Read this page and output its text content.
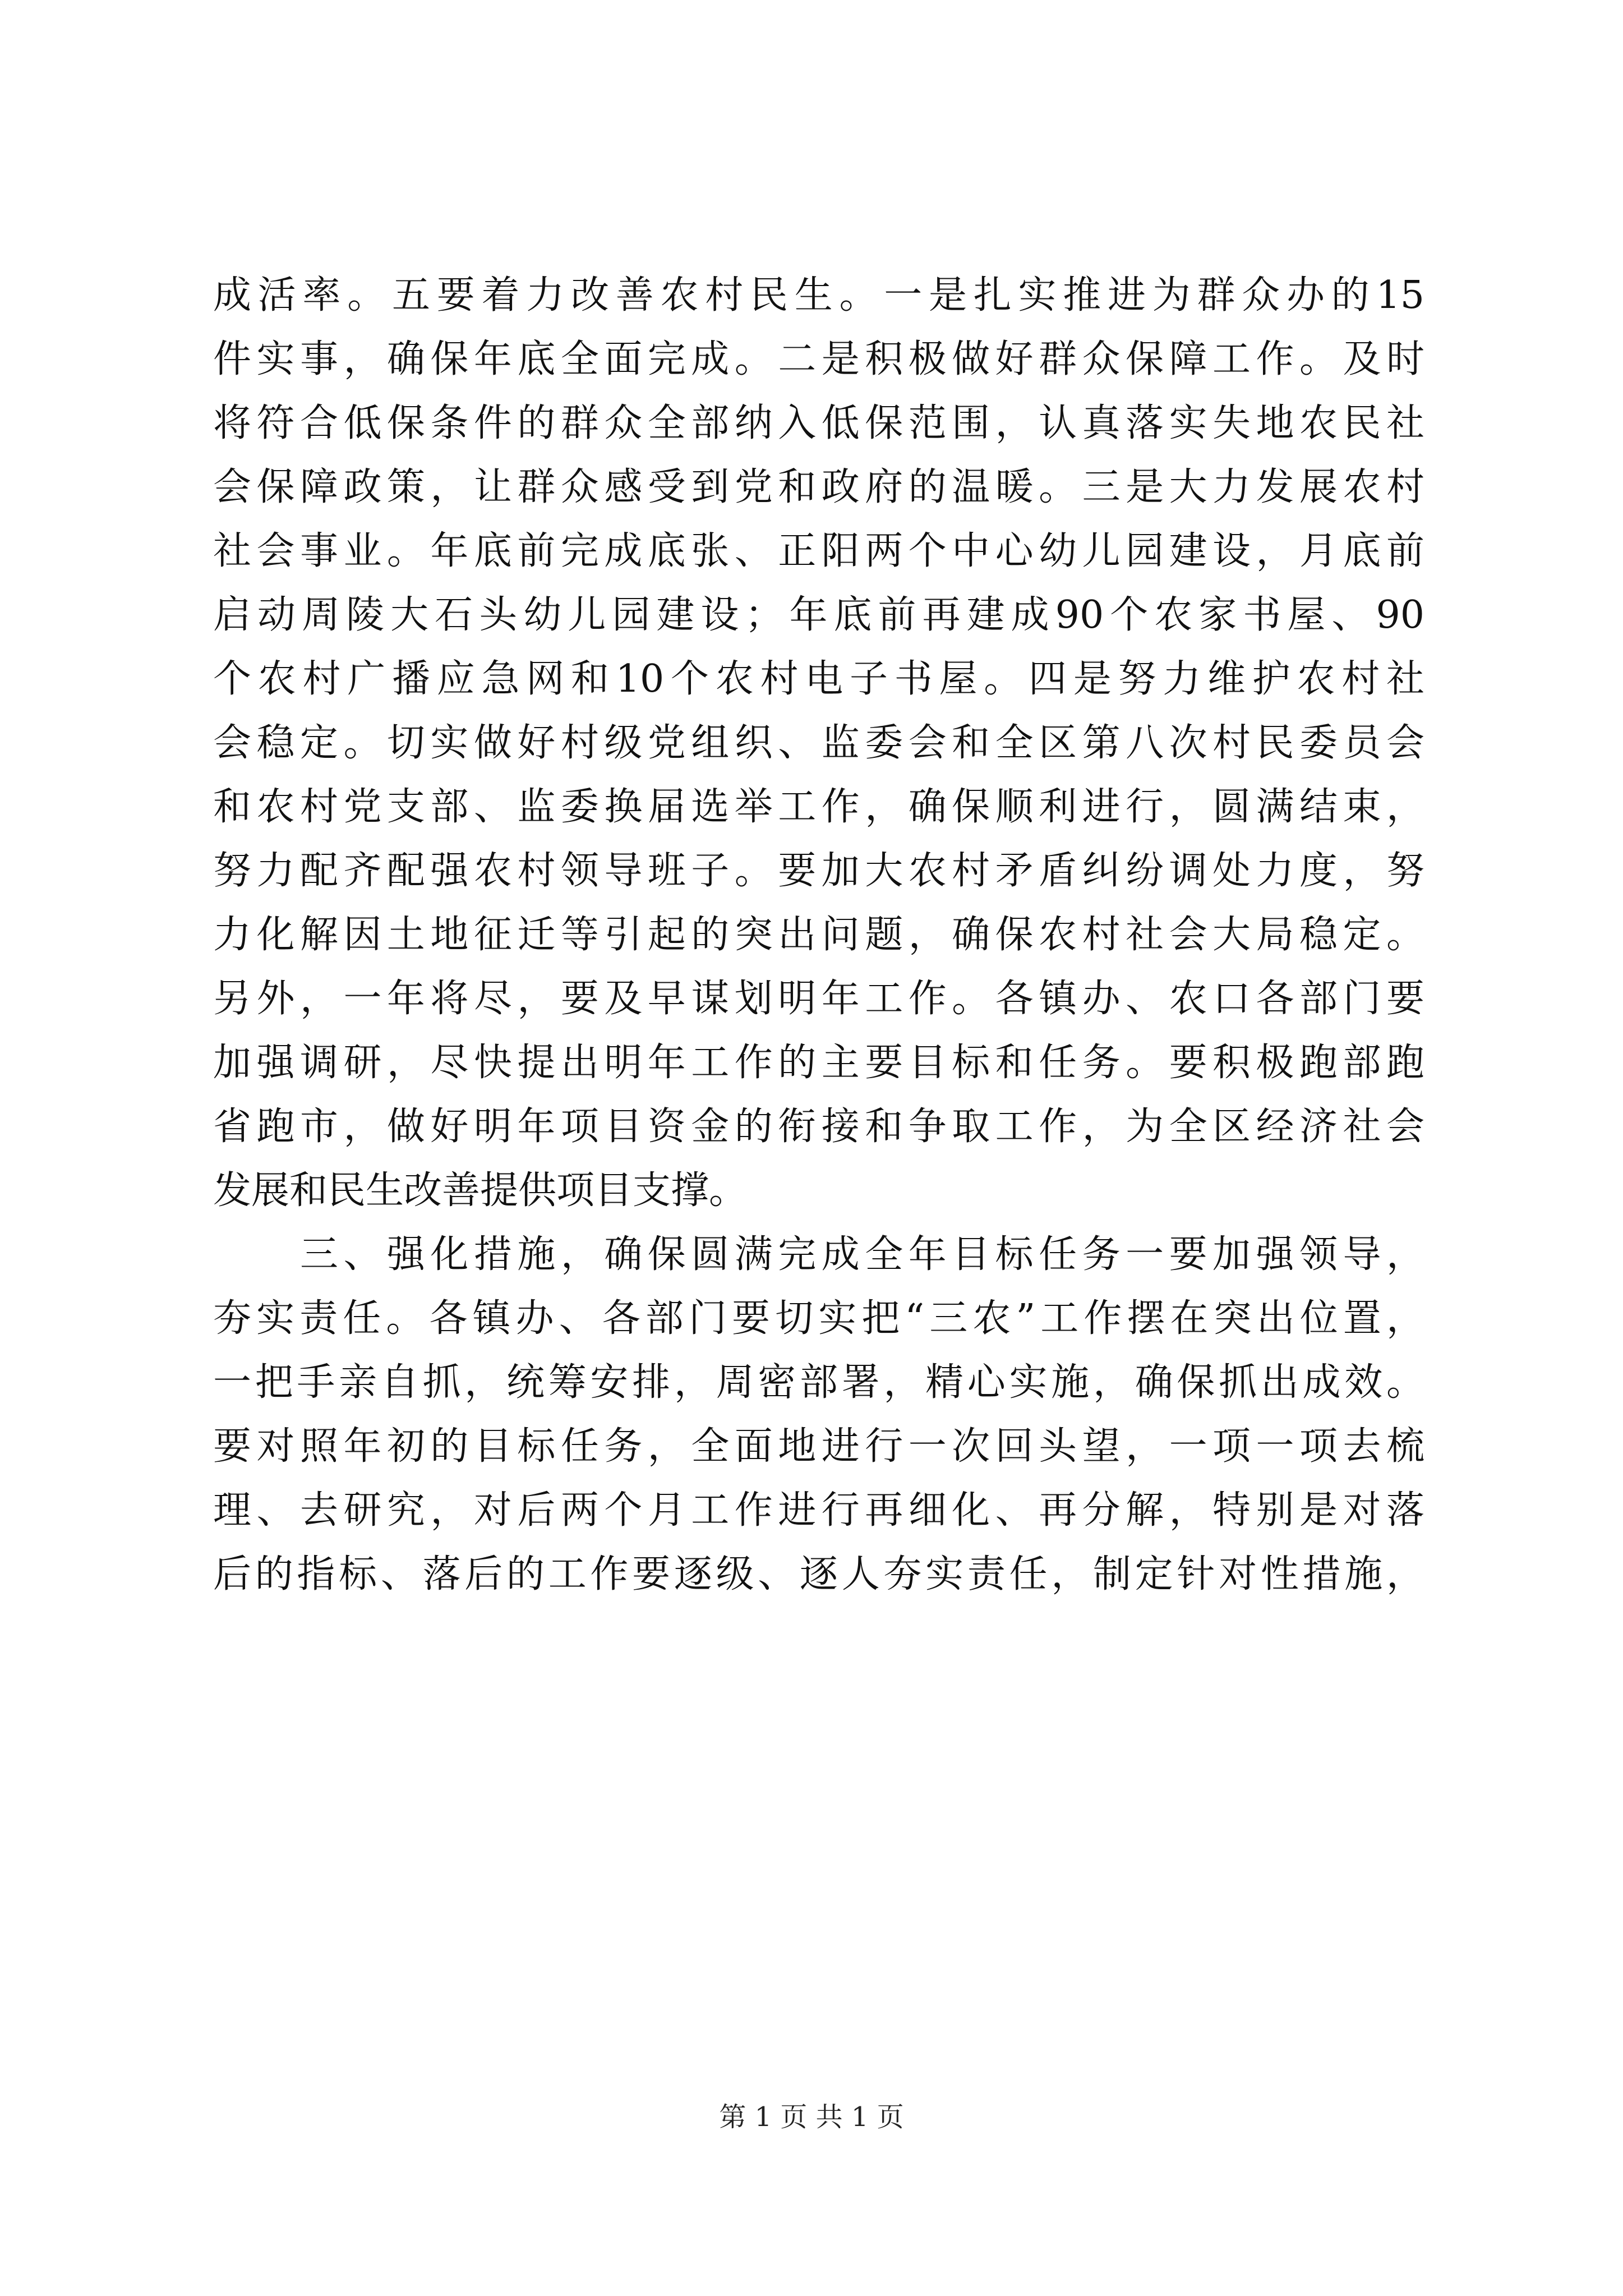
成活率。五要着力改善农村民生。一是扎实推进为群众办的15
件实事，确保年底全面完成。二是积极做好群众保障工作。及时
将符合低保条件的群众全部纳入低保范围，认真落实失地农民社
会保障政策，让群众感受到党和政府的温暖。三是大力发展农村
社会事业。年底前完成底张、正阳两个中心幼儿园建设，月底前
启动周陵大石头幼儿园建设；年底前再建成90个农家书屋、90
个农村广播应急网和10个农村电子书屋。四是努力维护农村社
会稳定。切实做好村级党组织、监委会和全区第八次村民委员会
和农村党支部、监委换届选举工作，确保顺利进行，圆满结束，
努力配齐配强农村领导班子。要加大农村矛盾纠纷调处力度，努
力化解因土地征迁等引起的突出问题，确保农村社会大局稳定。
另外，一年将尽，要及早谋划明年工作。各镇办、农口各部门要
加强调研，尽快提出明年工作的主要目标和任务。要积极跑部跑
省跑市，做好明年项目资金的衔接和争取工作，为全区经济社会
发展和民生改善提供项目支撑。
　　三、强化措施，确保圆满完成全年目标任务一要加强领导，
夯实责任。各镇办、各部门要切实把“三农”工作摆在突出位置，
一把手亲自抓，统筹安排，周密部署，精心实施，确保抓出成效。
要对照年初的目标任务，全面地进行一次回头望，一项一项去梳
理、去研究，对后两个月工作进行再细化、再分解，特别是对落
后的指标、落后的工作要逐级、逐人夯实责任，制定针对性措施，
第 1 页 共 1 页
